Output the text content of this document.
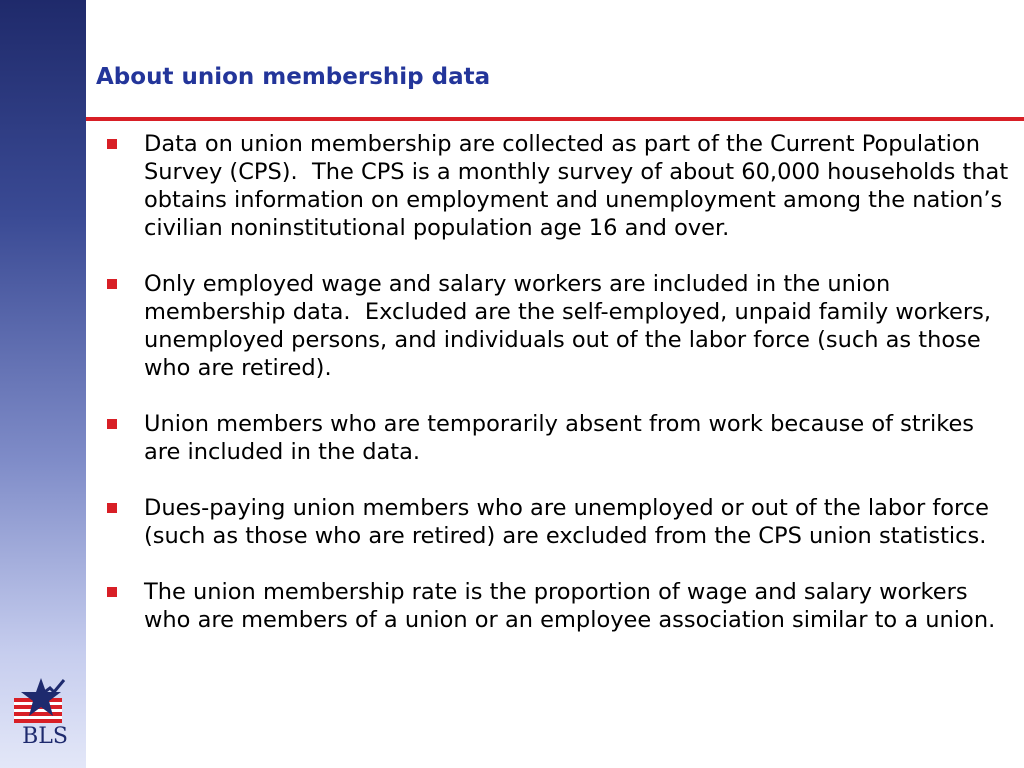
About union membership data
Data on union membership are collected as part of the Current Population Survey (CPS).  The CPS is a monthly survey of about 60,000 households that obtains information on employment and unemployment among the nation’s civilian noninstitutional population age 16 and over.
Only employed wage and salary workers are included in the union membership data.  Excluded are the self-employed, unpaid family workers, unemployed persons, and individuals out of the labor force (such as those who are retired).
Union members who are temporarily absent from work because of strikes are included in the data.
Dues-paying union members who are unemployed or out of the labor force (such as those who are retired) are excluded from the CPS union statistics.
The union membership rate is the proportion of wage and salary workers who are members of a union or an employee association similar to a union.
BLS
